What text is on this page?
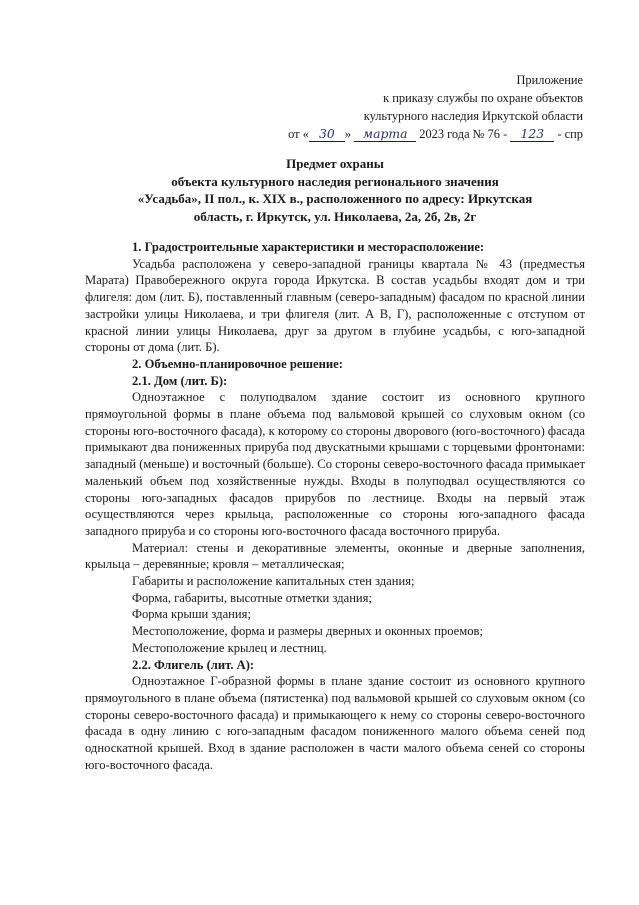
Приложение
к приказу службы по охране объектов
культурного наследия Иркутской области
от « 30 » марта 2023 года № 76 - 123 - спр
Предмет охраны
объекта культурного наследия регионального значения
«Усадьба», II пол., к. XIX в., расположенного по адресу: Иркутская
область, г. Иркутск, ул. Николаева, 2а, 2б, 2в, 2г

1. Градостроительные характеристики и месторасположение:

Усадьба расположена у северо-западной границы квартала № 43 (предместья Марата) Правобережного округа города Иркутска. В состав усадьбы входят дом и три флигеля: дом (лит. Б), поставленный главным (северо-западным) фасадом по красной линии застройки улицы Николаева, и три флигеля (лит. А В, Г), расположенные с отступом от красной линии улицы Николаева, друг за другом в глубине усадьбы, с юго-западной стороны от дома (лит. Б).

2. Объемно-планировочное решение:

2.1. Дом (лит. Б):

Одноэтажное с полуподвалом здание состоит из основного крупного прямоугольной формы в плане объема под вальмовой крышей со слуховым окном (со стороны юго-восточного фасада), к которому со стороны дворового (юго-восточного) фасада примыкают два пониженных прируба под двускатными крышами с торцевыми фронтонами: западный (меньше) и восточный (больше). Со стороны северо-восточного фасада примыкает маленький объем под хозяйственные нужды. Входы в полуподвал осуществляются со стороны юго-западных фасадов прирубов по лестнице. Входы на первый этаж осуществляются через крыльца, расположенные со стороны юго-западного фасада западного прируба и со стороны юго-восточного фасада восточного прируба.

Материал: стены и декоративные элементы, оконные и дверные заполнения, крыльца – деревянные; кровля – металлическая;

Габариты и расположение капитальных стен здания;

Форма, габариты, высотные отметки здания;

Форма крыши здания;

Местоположение, форма и размеры дверных и оконных проемов;

Местоположение крылец и лестниц.

2.2. Флигель (лит. А):

Одноэтажное Г-образной формы в плане здание состоит из основного крупного прямоугольного в плане объема (пятистенка) под вальмовой крышей со слуховым окном (со стороны северо-восточного фасада) и примыкающего к нему со стороны северо-восточного фасада в одну линию с юго-западным фасадом пониженного малого объема сеней под односкатной крышей. Вход в здание расположен в части малого объема сеней со стороны юго-восточного фасада.
